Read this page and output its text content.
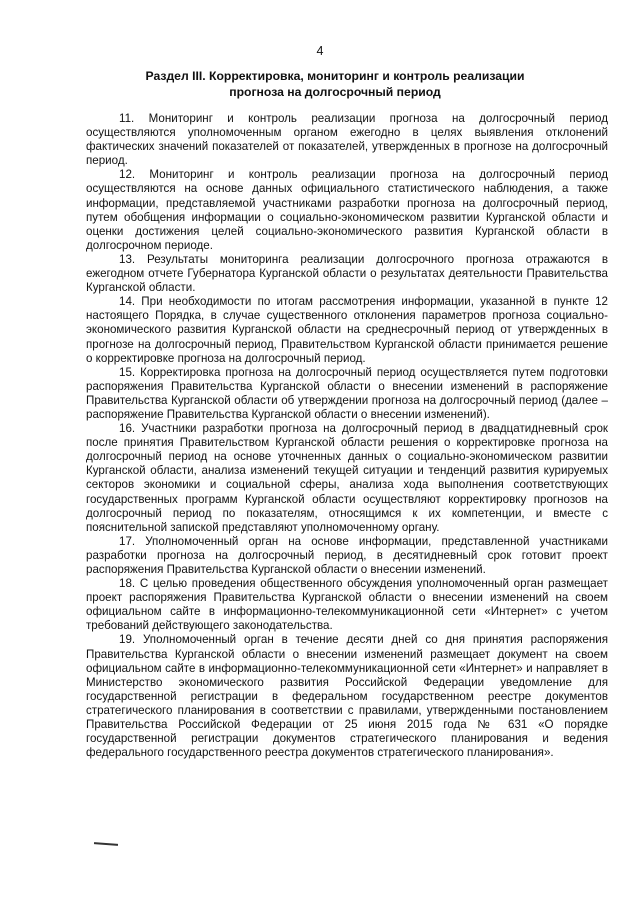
4
Раздел III. Корректировка, мониторинг и контроль реализации
прогноза на долгосрочный период

11. Мониторинг и контроль реализации прогноза на долгосрочный период осуществляются уполномоченным органом ежегодно в целях выявления отклонений фактических значений показателей от показателей, утвержденных в прогнозе на долгосрочный период.

12. Мониторинг и контроль реализации прогноза на долгосрочный период осуществляются на основе данных официального статистического наблюдения, а также информации, представляемой участниками разработки прогноза на долгосрочный период, путем обобщения информации о социально-экономическом развитии Курганской области и оценки достижения целей социально-экономического развития Курганской области в долгосрочном периоде.

13. Результаты мониторинга реализации долгосрочного прогноза отражаются в ежегодном отчете Губернатора Курганской области о результатах деятельности Правительства Курганской области.

14. При необходимости по итогам рассмотрения информации, указанной в пункте 12 настоящего Порядка, в случае существенного отклонения параметров прогноза социально-экономического развития Курганской области на среднесрочный период от утвержденных в прогнозе на долгосрочный период, Правительством Курганской области принимается решение о корректировке прогноза на долгосрочный период.

15. Корректировка прогноза на долгосрочный период осуществляется путем подготовки распоряжения Правительства Курганской области о внесении изменений в распоряжение Правительства Курганской области об утверждении прогноза на долгосрочный период (далее – распоряжение Правительства Курганской области о внесении изменений).

16. Участники разработки прогноза на долгосрочный период в двадцатидневный срок после принятия Правительством Курганской области решения о корректировке прогноза на долгосрочный период на основе уточненных данных о социально-экономическом развитии Курганской области, анализа изменений текущей ситуации и тенденций развития курируемых секторов экономики и социальной сферы, анализа хода выполнения соответствующих государственных программ Курганской области осуществляют корректировку прогнозов на долгосрочный период по показателям, относящимся к их компетенции, и вместе с пояснительной запиской представляют уполномоченному органу.

17. Уполномоченный орган на основе информации, представленной участниками разработки прогноза на долгосрочный период, в десятидневный срок готовит проект распоряжения Правительства Курганской области о внесении изменений.

18. С целью проведения общественного обсуждения уполномоченный орган размещает проект распоряжения Правительства Курганской области о внесении изменений на своем официальном сайте в информационно-телекоммуникационной сети «Интернет» с учетом требований действующего законодательства.

19. Уполномоченный орган в течение десяти дней со дня принятия распоряжения Правительства Курганской области о внесении изменений размещает документ на своем официальном сайте в информационно-телекоммуникационной сети «Интернет» и направляет в Министерство экономического развития Российской Федерации уведомление для государственной регистрации в федеральном государственном реестре документов стратегического планирования в соответствии с правилами, утвержденными постановлением Правительства Российской Федерации от 25 июня 2015 года № 631 «О порядке государственной регистрации документов стратегического планирования и ведения федерального государственного реестра документов стратегического планирования».
